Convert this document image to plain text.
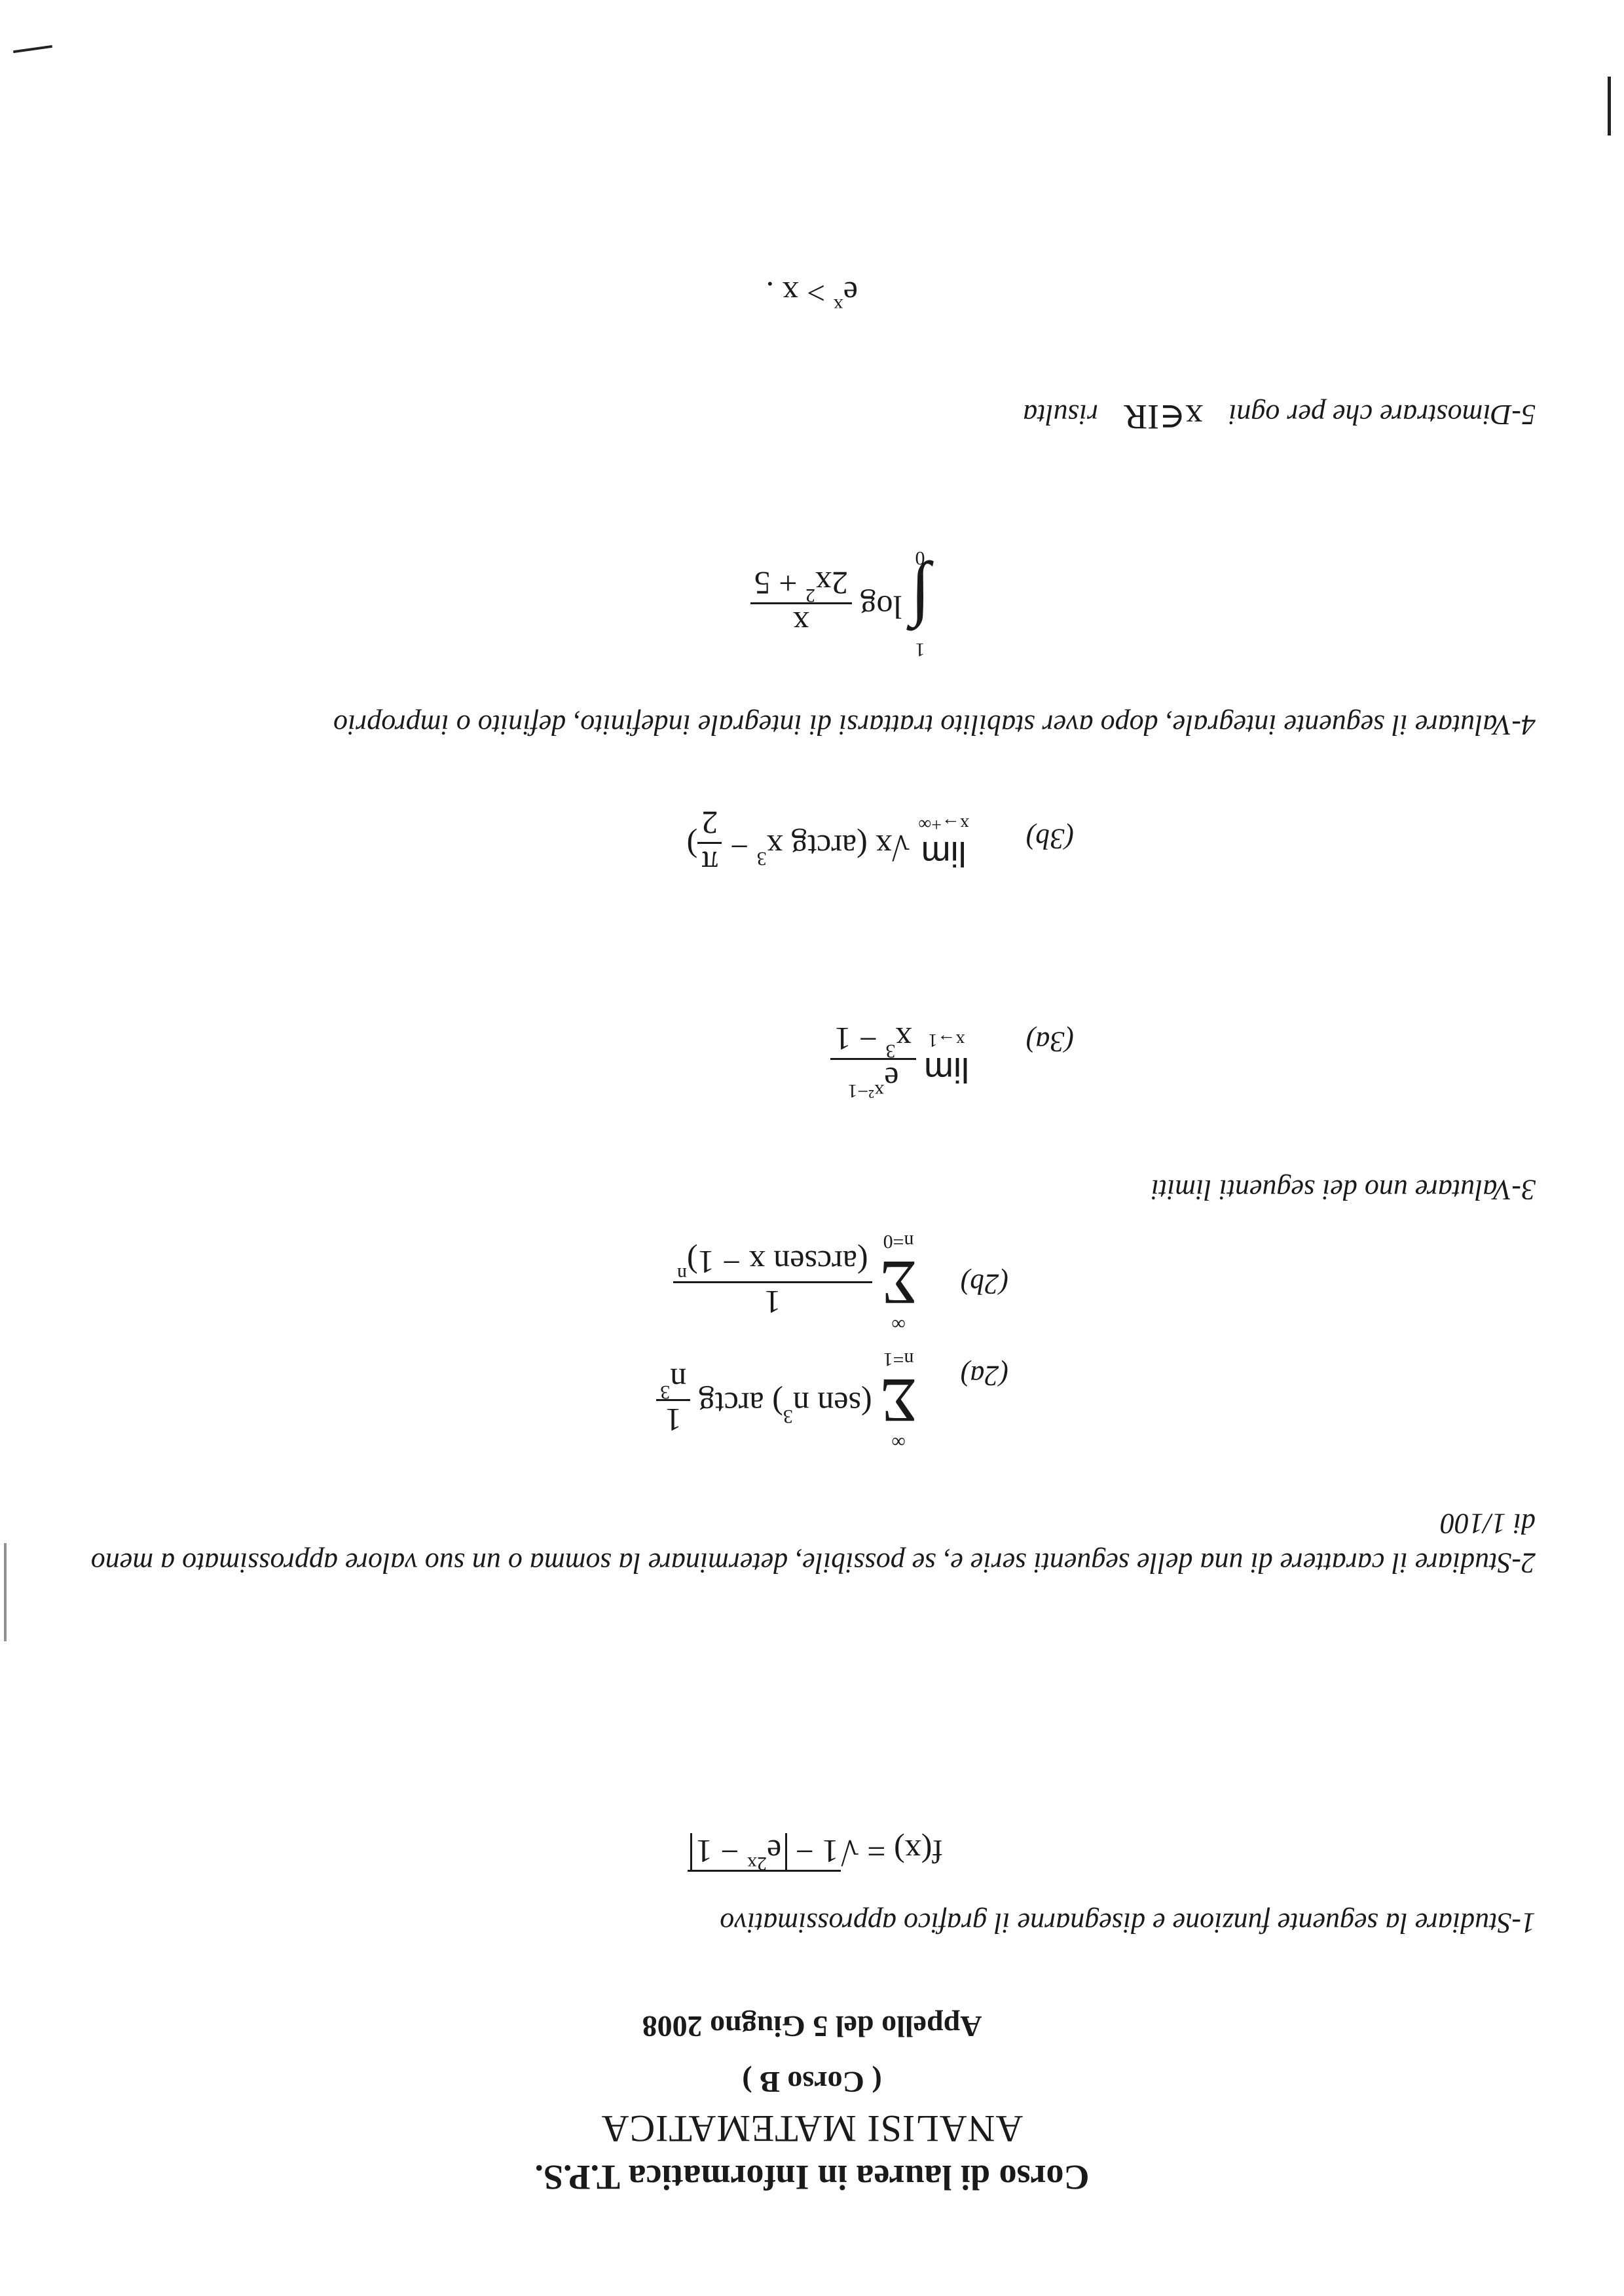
Corso di laurea in Informatica T.P.S.
ANALISI MATEMATICA
( Corso B )
Appello del 5 Giugno 2008
1-Studiare la seguente funzione e disegnarne il grafico approssimativo
$f(x) = √1 - e^{2x} - 1$
2-Studiare il carattere di una delle seguenti serie e, se possibile, determinare la somma o un suo valore approssimato a meno di 1/100
(2a)
∞
Σ
n=1
(sen $n^3$) arctg
1
$n^3$
(2b)
∞
Σ
n=0

1
(arcsen x − 1)$^n$
3-Valutare uno dei seguenti limiti
(3a)
lim
x→1

$e^{x^2-1}$
$x^3 - 1$
(3b)
lim
x→+∞
√x (arctg $x^3$ −
π
2
)
4-Valutare il seguente integrale, dopo aver stabilito trattarsi di integrale indefinito, definito o improprio
1
∫
0
log
x
$2x^2 + 5$
5-Dimostrare che per ogni x∈IR risulta
$e^x > x$ .
